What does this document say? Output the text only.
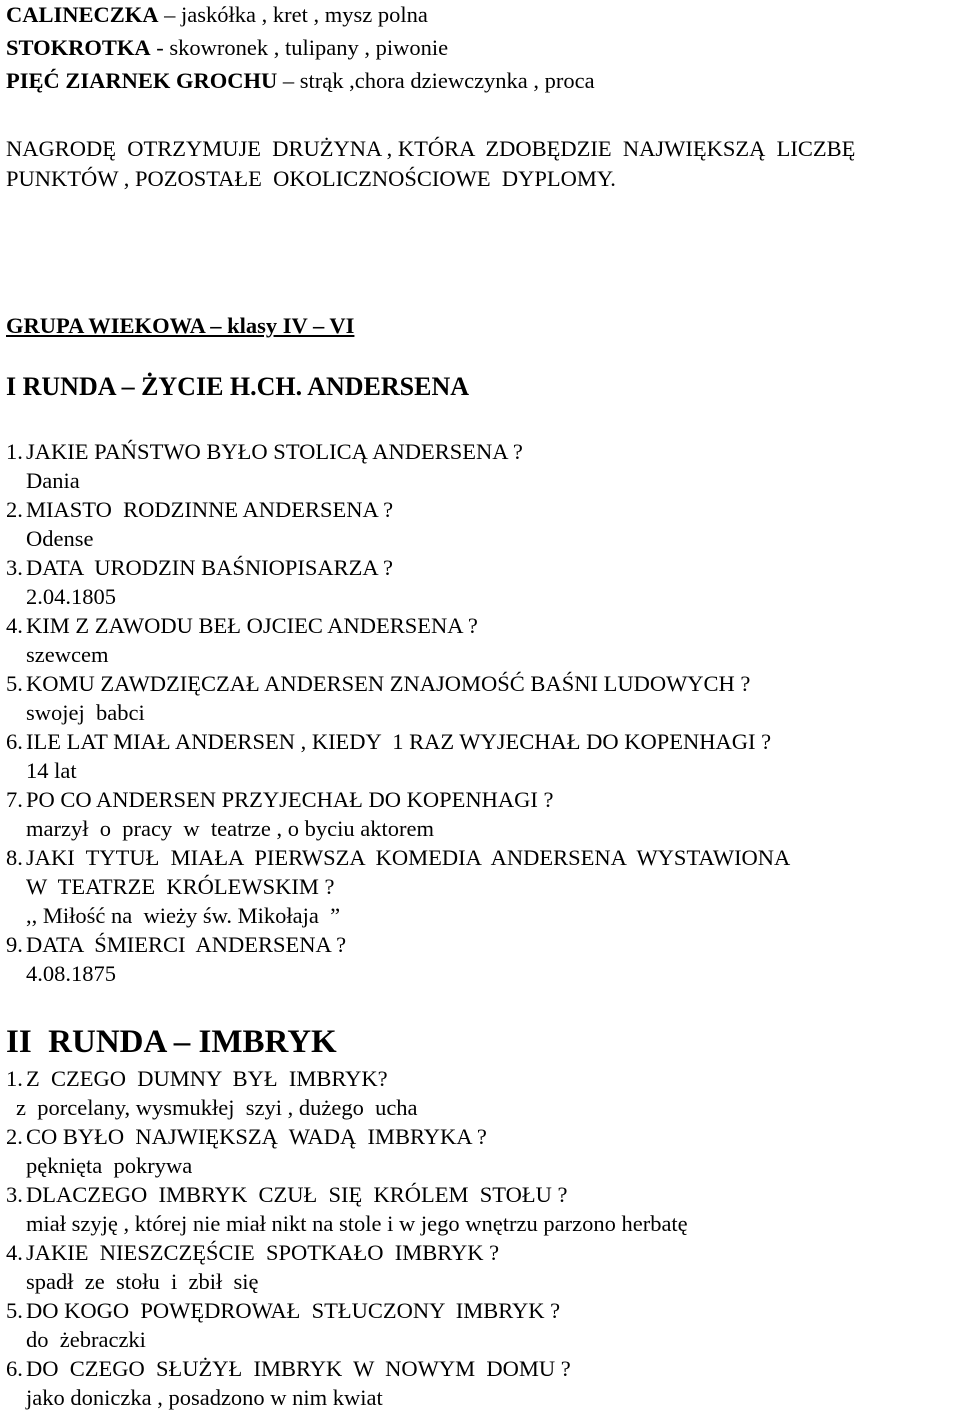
CALINECZKA – jaskółka , kret , mysz polna
STOKROTKA - skowronek , tulipany , piwonie
PIĘĆ ZIARNEK GROCHU – strąk ,chora dziewczynka , proca
NAGRODĘ  OTRZYMUJE  DRUŻYNA , KTÓRA  ZDOBĘDZIE  NAJWIĘKSZĄ  LICZBĘ
PUNKTÓW , POZOSTAŁE  OKOLICZNOŚCIOWE  DYPLOMY.
GRUPA WIEKOWA – klasy IV – VI
I RUNDA – ŻYCIE H.CH. ANDERSENA
1. JAKIE PAŃSTWO BYŁO STOLICĄ ANDERSENA ?
Dania
2. MIASTO  RODZINNE ANDERSENA ?
Odense
3. DATA  URODZIN BAŚNIOPISARZA ?
2.04.1805
4. KIM Z ZAWODU BEŁ OJCIEC ANDERSENA ?
szewcem
5. KOMU ZAWDZIĘCZAŁ ANDERSEN ZNAJOMOŚĆ BAŚNI LUDOWYCH ?
swojej  babci
6. ILE LAT MIAŁ ANDERSEN , KIEDY  1 RAZ WYJECHAŁ DO KOPENHAGI ?
14 lat
7. PO CO ANDERSEN PRZYJECHAŁ DO KOPENHAGI ?
marzył  o  pracy  w  teatrze , o byciu aktorem
8. JAKI  TYTUŁ  MIAŁA  PIERWSZA  KOMEDIA  ANDERSENA  WYSTAWIONA
W  TEATRZE  KRÓLEWSKIM ?
,, Miłość na  wieży św. Mikołaja  ”
9. DATA  ŚMIERCI  ANDERSENA ?
4.08.1875
II  RUNDA – IMBRYK
1. Z  CZEGO  DUMNY  BYŁ  IMBRYK?
z  porcelany, wysmukłej  szyi , dużego  ucha
2. CO BYŁO  NAJWIĘKSZĄ  WADĄ  IMBRYKA ?
pęknięta  pokrywa
3. DLACZEGO  IMBRYK  CZUŁ  SIĘ  KRÓLEM  STOŁU ?
miał szyję , której nie miał nikt na stole i w jego wnętrzu parzono herbatę
4. JAKIE  NIESZCZĘŚCIE  SPOTKAŁO  IMBRYK ?
spadł  ze  stołu  i  zbił  się
5. DO KOGO  POWĘDROWAŁ  STŁUCZONY  IMBRYK ?
do  żebraczki
6. DO  CZEGO  SŁUŻYŁ  IMBRYK  W  NOWYM  DOMU ?
jako doniczka , posadzono w nim kwiat
